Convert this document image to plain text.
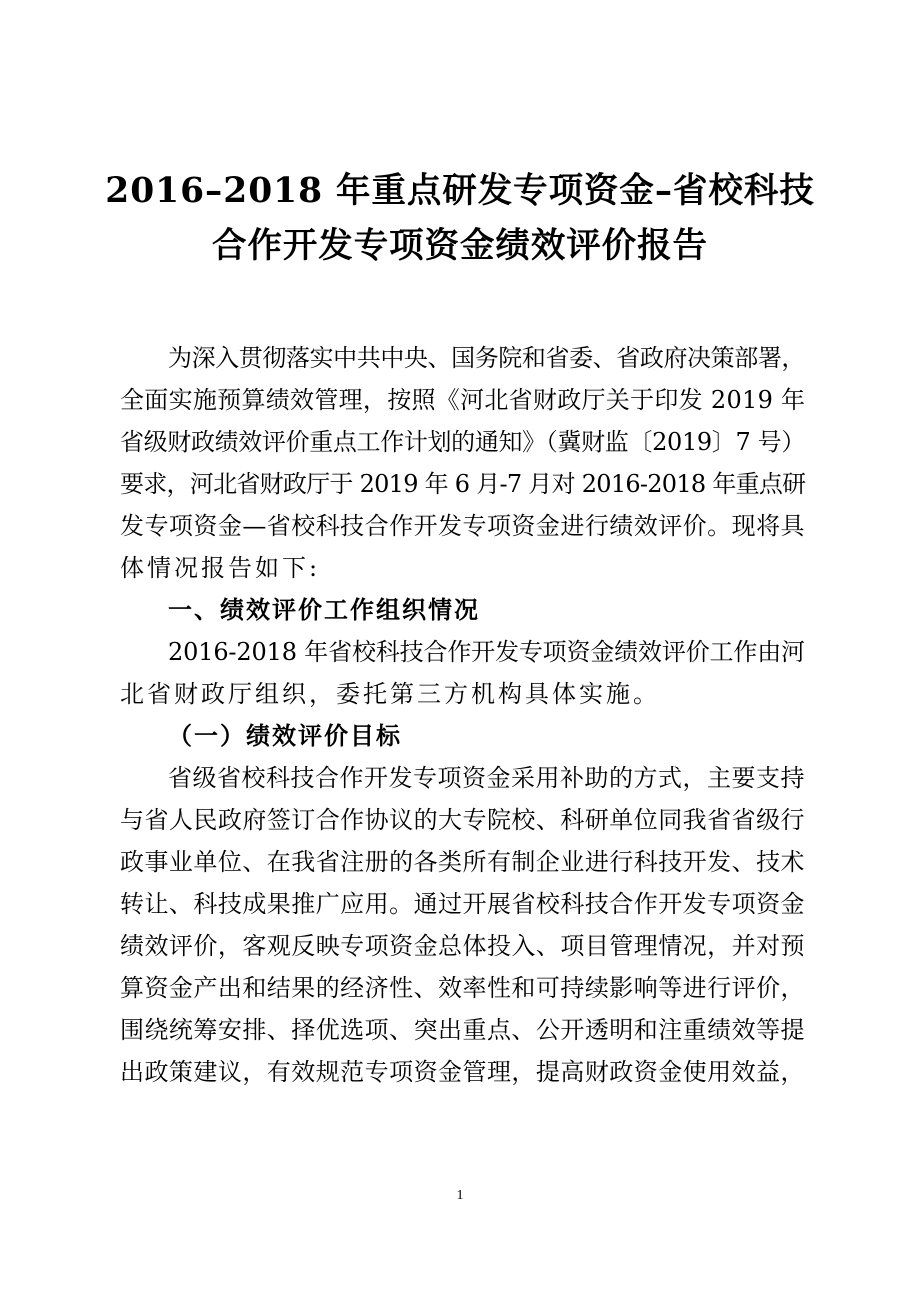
2016–2018 年重点研发专项资金–省校科技
合作开发专项资金绩效评价报告
为深入贯彻落实中共中央、国务院和省委、省政府决策部署，
全面实施预算绩效管理，按照《河北省财政厅关于印发 2019 年
省级财政绩效评价重点工作计划的通知》（冀财监〔2019〕7 号）
要求，河北省财政厅于 2019 年 6 月-7 月对 2016-2018 年重点研
发专项资金—省校科技合作开发专项资金进行绩效评价。现将具
体情况报告如下:
一、绩效评价工作组织情况
2016-2018 年省校科技合作开发专项资金绩效评价工作由河
北省财政厅组织，委托第三方机构具体实施。
（一）绩效评价目标
省级省校科技合作开发专项资金采用补助的方式，主要支持
与省人民政府签订合作协议的大专院校、科研单位同我省省级行
政事业单位、在我省注册的各类所有制企业进行科技开发、技术
转让、科技成果推广应用。通过开展省校科技合作开发专项资金
绩效评价，客观反映专项资金总体投入、项目管理情况，并对预
算资金产出和结果的经济性、效率性和可持续影响等进行评价，
围绕统筹安排、择优选项、突出重点、公开透明和注重绩效等提
出政策建议，有效规范专项资金管理，提高财政资金使用效益，
1
